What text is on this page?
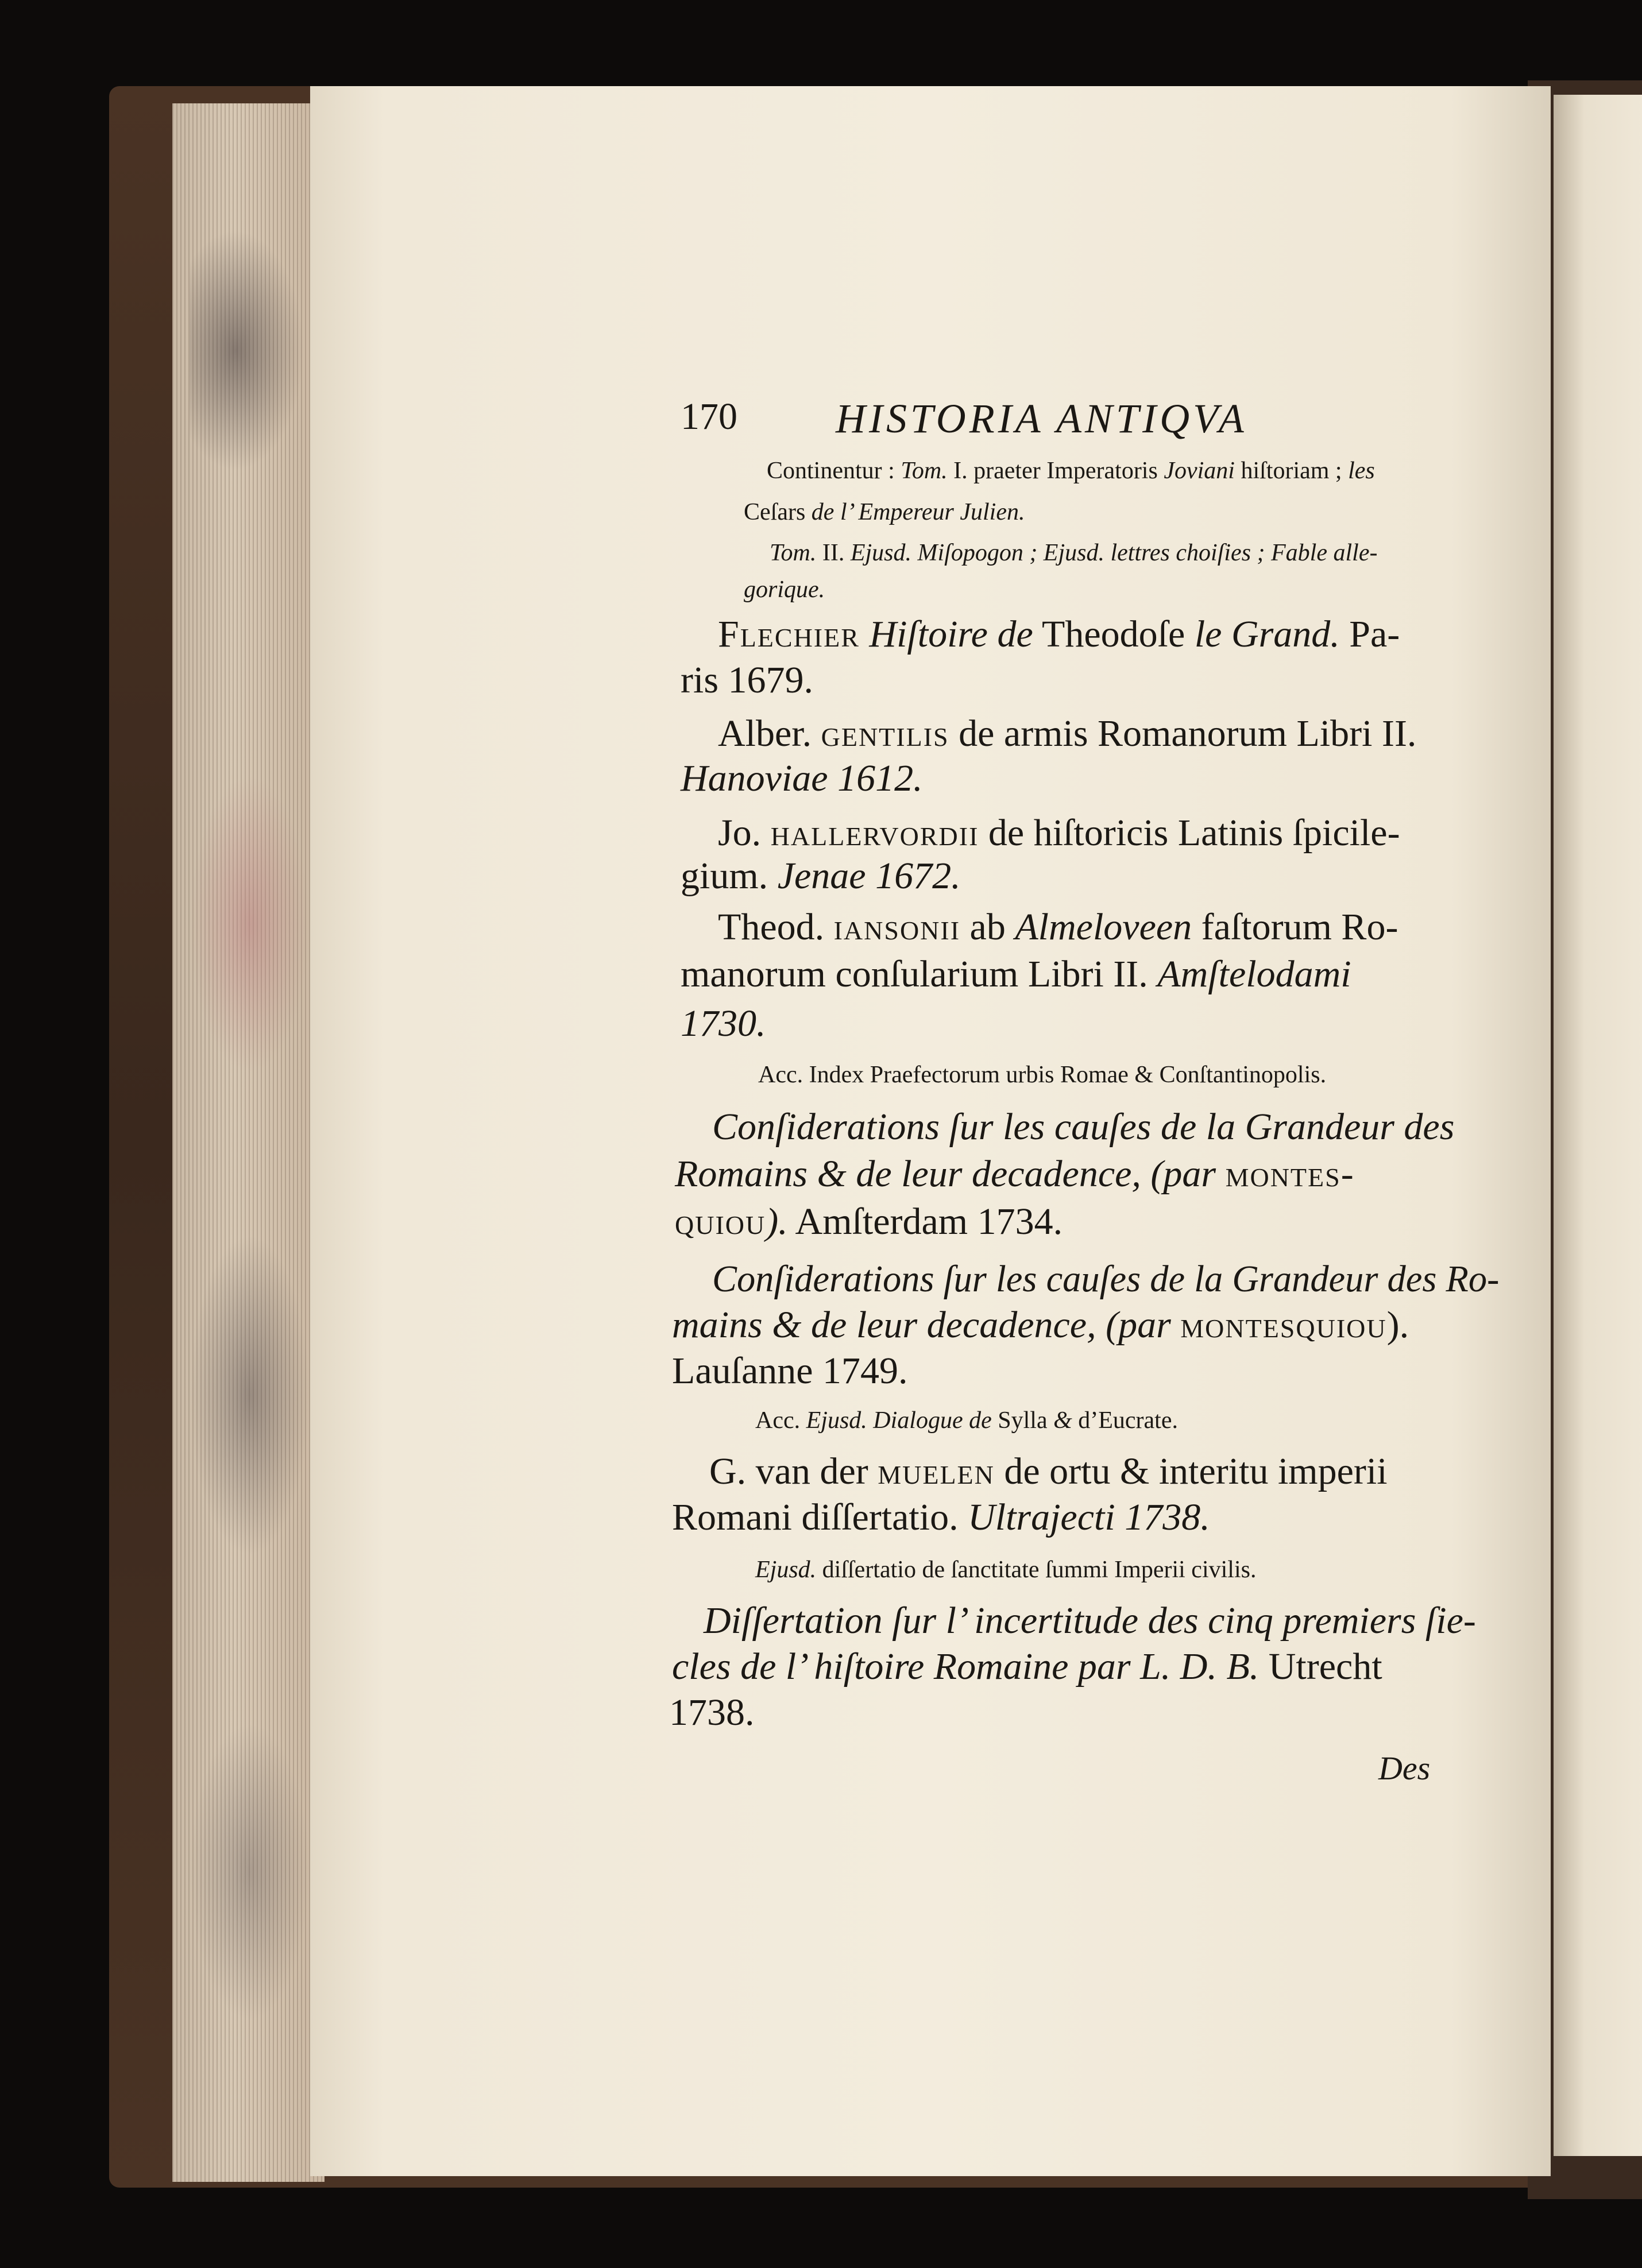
170 HISTORIA ANTIQVA
Continentur : Tom. I. praeter Imperatoris Joviani hiſtoriam ; les
Ceſars de l’ Empereur Julien.
Tom. II. Ejusd. Miſopogon ; Ejusd. lettres choiſies ; Fable alle-
gorique.
Flechier Hiſtoire de Theodoſe le Grand. Pa-
ris 1679.
Alber. gentilis de armis Romanorum Libri II.
Hanoviae 1612.
Jo. hallervordii de hiſtoricis Latinis ſpicile-
gium. Jenae 1672.
Theod. iansonii ab Almeloveen faſtorum Ro-
manorum conſularium Libri II. Amſtelodami
1730.
Acc. Index Praefectorum urbis Romae & Conſtantinopolis.
Conſiderations ſur les cauſes de la Grandeur des
Romains & de leur decadence, (par montes-
quiou). Amſterdam 1734.
Conſiderations ſur les cauſes de la Grandeur des Ro-
mains & de leur decadence, (par montesquiou).
Lauſanne 1749.
Acc. Ejusd. Dialogue de Sylla & d’Eucrate.
G. van der muelen de ortu & interitu imperii
Romani diſſertatio. Ultrajecti 1738.
Ejusd. diſſertatio de ſanctitate ſummi Imperii civilis.
Diſſertation ſur l’ incertitude des cinq premiers ſie-
cles de l’ hiſtoire Romaine par L. D. B. Utrecht
1738.
Des
